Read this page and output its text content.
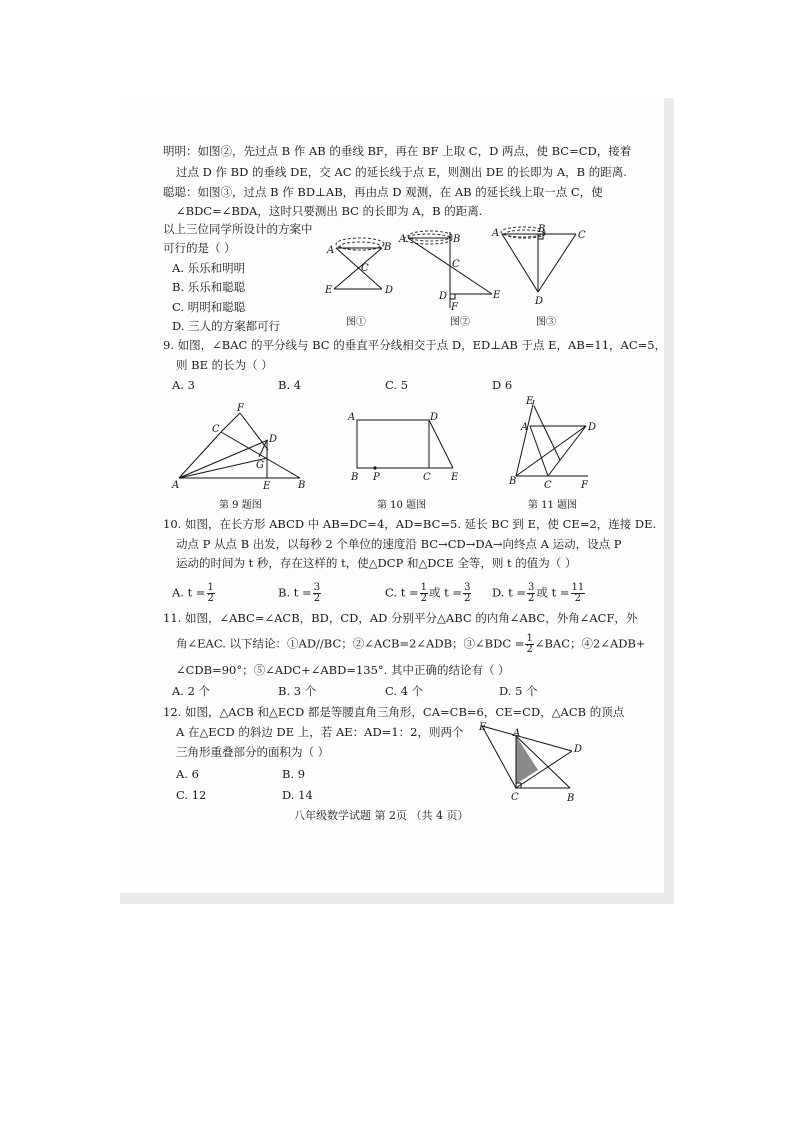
明明：如图②，先过点 B 作 AB 的垂线 BF，再在 BF 上取 C，D 两点，使 BC=CD，接着
过点 D 作 BD 的垂线 DE，交 AC 的延长线于点 E，则测出 DE 的长即为 A，B 的距离.
聪聪：如图③，过点 B 作 BD⊥AB，再由点 D 观测，在 AB 的延长线上取一点 C，使
∠BDC=∠BDA，这时只要测出 BC 的长即为 A，B 的距离.
以上三位同学所设计的方案中
可行的是（ ）
A. 乐乐和明明
B. 乐乐和聪聪
C. 明明和聪聪
D. 三人的方案都可行
A	B
C
E	D
图①
A	B
C
D
F
E
图②
A	B
C
D
图③
9. 如图，∠BAC 的平分线与 BC 的垂直平分线相交于点 D，ED⊥AB 于点 E，AB=11，AC=5，
则 BE 的长为（ ）
A. 3	B. 4	C. 5	D 6
F
C
D
G
A	E	B
第 9 题图
A	D
B P	C E
第 10 题图
E
A	D
B	C	F
第 11 题图
10. 如图，在长方形 ABCD 中 AB=DC=4，AD=BC=5. 延长 BC 到 E，使 CE=2，连接 DE.
动点 P 从点 B 出发，以每秒 2 个单位的速度沿 BC→CD→DA→向终点 A 运动，设点 P
运动的时间为 t 秒，存在这样的 t，使△DCP 和△DCE 全等，则 t 的值为（ ）
A. $t = \frac{1}{2}$	B. $t = \frac{3}{2}$	C. $t = \frac{1}{2}$ 或 $t = \frac{3}{2} D$. $t = \frac{3}{2}$ 或 $t = \frac{11}{2}$
11. 如图，∠ABC=∠ACB，BD，CD，AD 分别平分△ABC 的内角∠ABC，外角∠ACF，外
角∠EAC. 以下结论：①AD//BC；②∠ACB=2∠ADB；③∠BDC = $\frac{1}{2}$ ∠BAC；④2∠ADB+
∠CDB=90°；⑤∠ADC+∠ABD=135°. 其中正确的结论有（ ）
A. 2 个	B. 3 个	C. 4 个	D. 5 个
12. 如图，△ACB 和△ECD 都是等腰直角三角形，CA=CB=6，CE=CD，△ACB 的顶点
A 在△ECD 的斜边 DE 上，若 AE：AD=1：2，则两个
三角形重叠部分的面积为（ ）
A. 6	B. 9
C. 12	D. 14
E
A
D
C	B
八年级数学试题 第 2页 （共 4 页）
